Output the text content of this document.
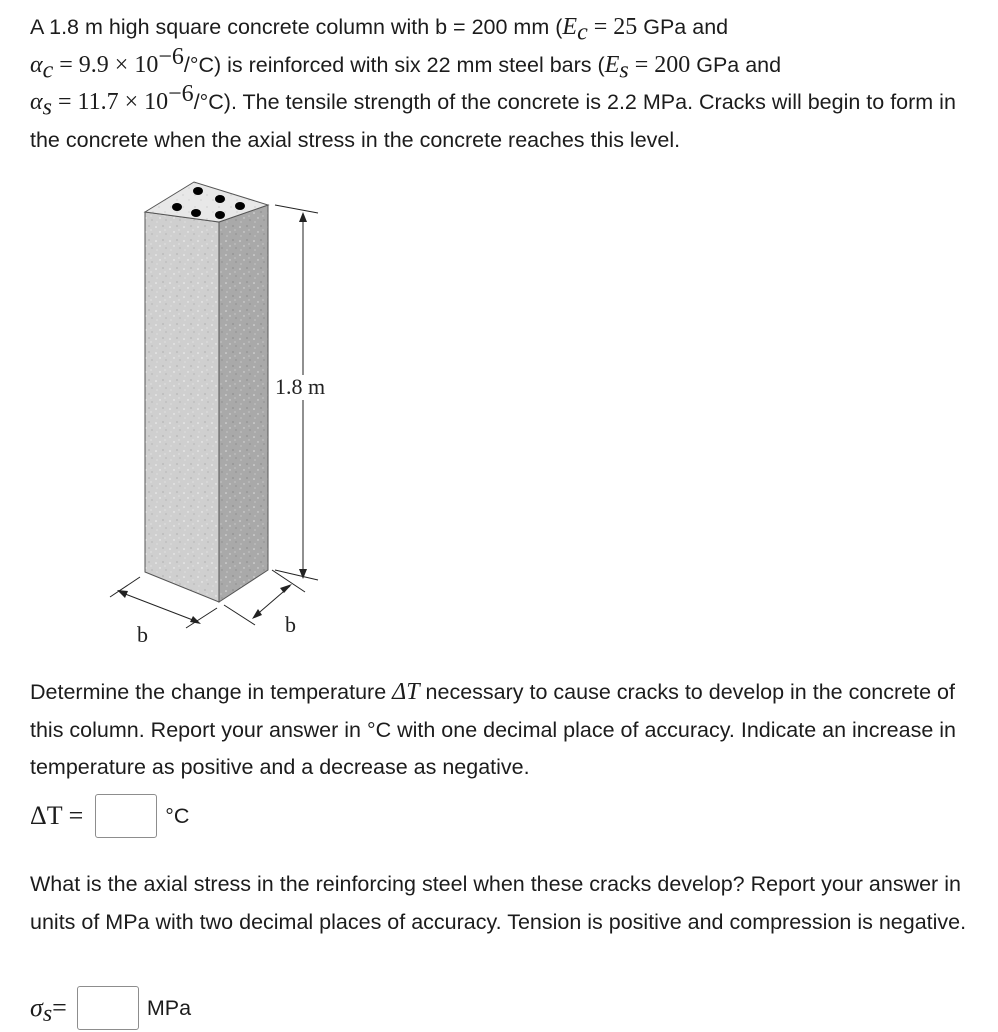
A 1.8 m high square concrete column with b = 200 mm ($E_c = 25$ GPa and
$\alpha_c = 9.9 \times 10^{-6}/^\circ C$) is reinforced with six 22 mm steel bars ($E_s = 200$ GPa and
$\alpha_s = 11.7 \times 10^{-6}/^\circ C$). The tensile strength of the concrete is 2.2 MPa. Cracks will begin to form in the concrete when the axial stress in the concrete reaches this level.

1.8 m
b	b

Determine the change in temperature ΔT necessary to cause cracks to develop in the concrete of this column. Report your answer in °C with one decimal place of accuracy. Indicate an increase in temperature as positive and a decrease as negative.

ΔT =	°C

What is the axial stress in the reinforcing steel when these cracks develop? Report your answer in units of MPa with two decimal places of accuracy. Tension is positive and compression is negative.

σ s =	MPa
